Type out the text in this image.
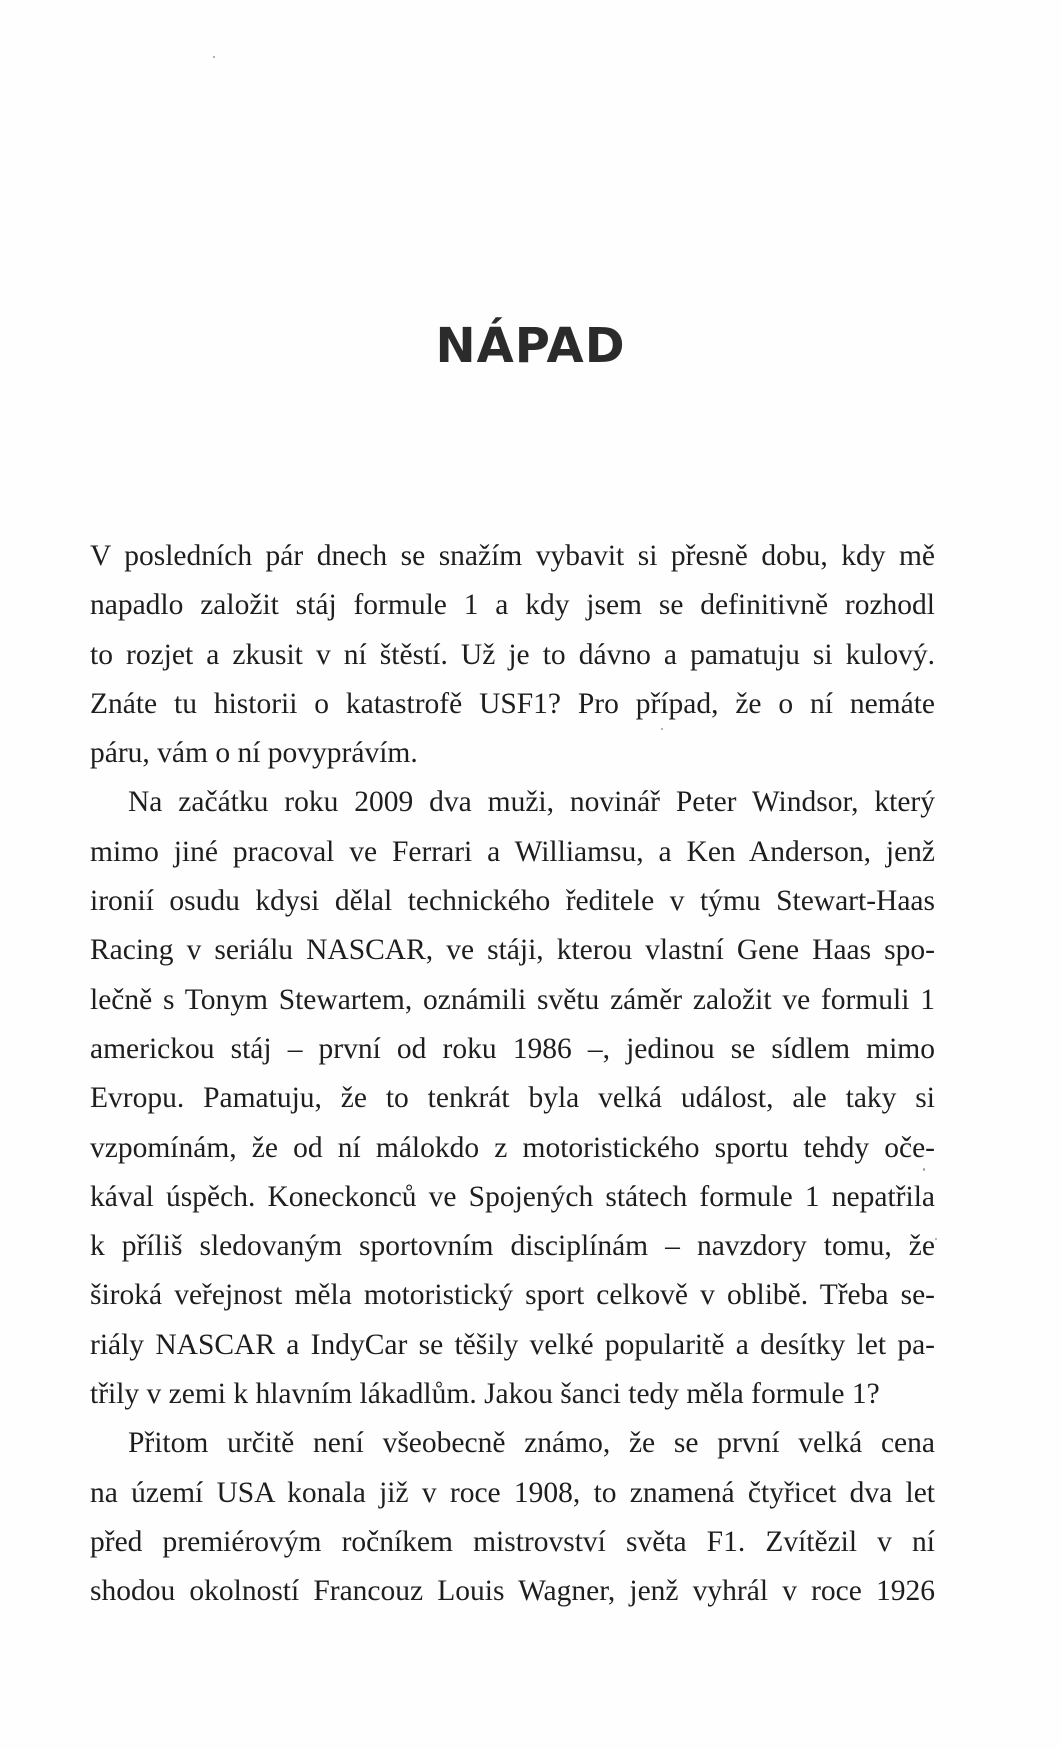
NÁPAD
V posledních pár dnech se snažím vybavit si přesně dobu, kdy mě
napadlo založit stáj formule 1 a kdy jsem se definitivně rozhodl
to rozjet a zkusit v ní štěstí. Už je to dávno a pamatuju si kulový.
Znáte tu historii o katastrofě USF1? Pro případ, že o ní nemáte
páru, vám o ní povyprávím.
Na začátku roku 2009 dva muži, novinář Peter Windsor, který
mimo jiné pracoval ve Ferrari a Williamsu, a Ken Anderson, jenž
ironií osudu kdysi dělal technického ředitele v týmu Stewart-Haas
Racing v seriálu NASCAR, ve stáji, kterou vlastní Gene Haas spo-
lečně s Tonym Stewartem, oznámili světu záměr založit ve formuli 1
americkou stáj – první od roku 1986 –, jedinou se sídlem mimo
Evropu. Pamatuju, že to tenkrát byla velká událost, ale taky si
vzpomínám, že od ní málokdo z motoristického sportu tehdy oče-
kával úspěch. Koneckonců ve Spojených státech formule 1 nepatřila
k příliš sledovaným sportovním disciplínám – navzdory tomu, že
široká veřejnost měla motoristický sport celkově v oblibě. Třeba se-
riály NASCAR a IndyCar se těšily velké popularitě a desítky let pa-
třily v zemi k hlavním lákadlům. Jakou šanci tedy měla formule 1?
Přitom určitě není všeobecně známo, že se první velká cena
na území USA konala již v roce 1908, to znamená čtyřicet dva let
před premiérovým ročníkem mistrovství světa F1. Zvítězil v ní
shodou okolností Francouz Louis Wagner, jenž vyhrál v roce 1926
